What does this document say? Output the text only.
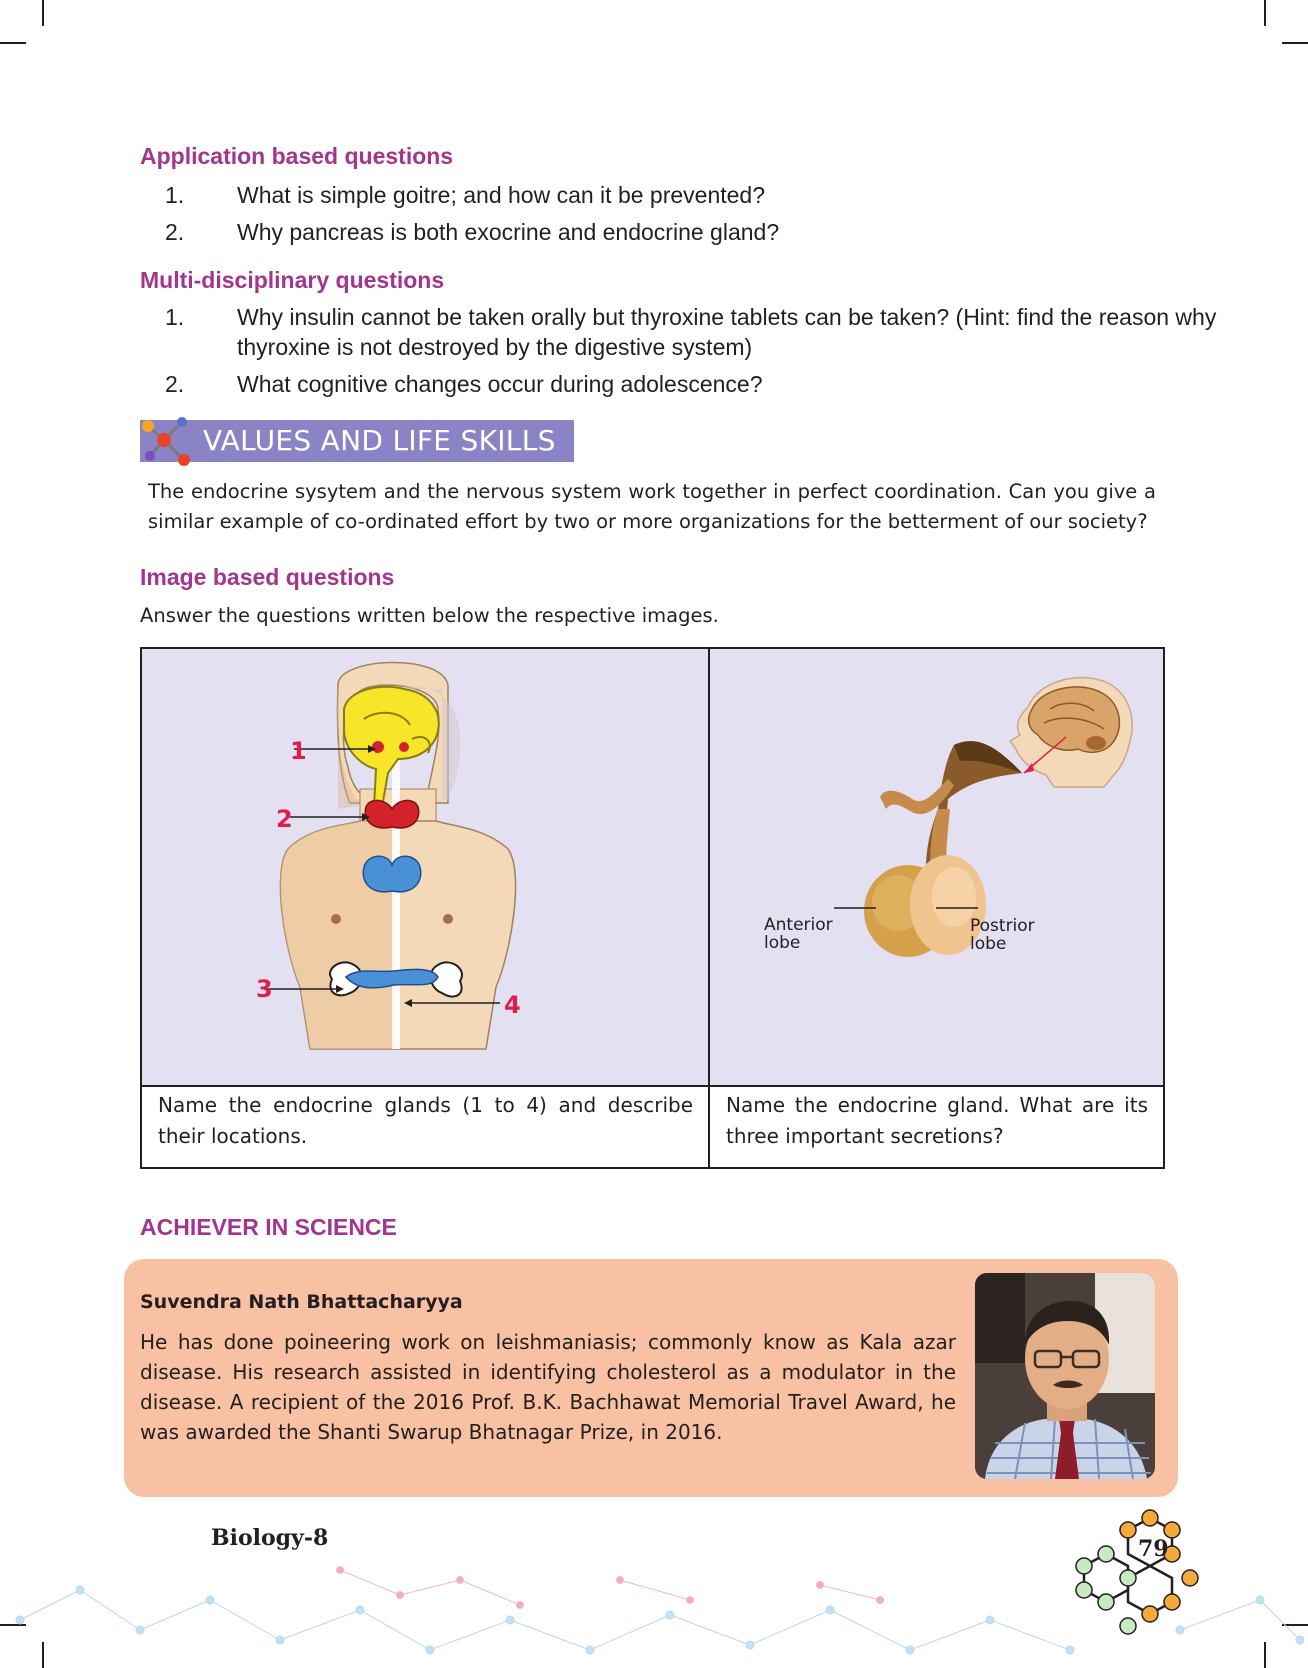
Application based questions
1.	What is simple goitre; and how can it be prevented?
2.	Why pancreas is both exocrine and endocrine gland?
Multi-disciplinary questions
1.	Why insulin cannot be taken orally but thyroxine tablets can be taken? (Hint: find the reason why thyroxine is not destroyed by the digestive system)
2.	What cognitive changes occur during adolescence?
VALUES AND LIFE SKILLS
The endocrine sysytem and the nervous system work together in perfect coordination. Can you give a similar example of co-ordinated effort by two or more organizations for the betterment of our society?
Image based questions
Answer the questions written below the respective images.
1
2
3
4
Anterior lobe
Postrior lobe
Name the endocrine glands (1 to 4) and describe their locations.
Name the endocrine gland. What are its three important secretions?
ACHIEVER IN SCIENCE
Suvendra Nath Bhattacharyya
He has done poineering work on leishmaniasis; commonly know as Kala azar disease. His research assisted in identifying cholesterol as a modulator in the disease. A recipient of the 2016 Prof. B.K. Bachhawat Memorial Travel Award, he was awarded the Shanti Swarup Bhatnagar Prize, in 2016.
Biology-8	79
